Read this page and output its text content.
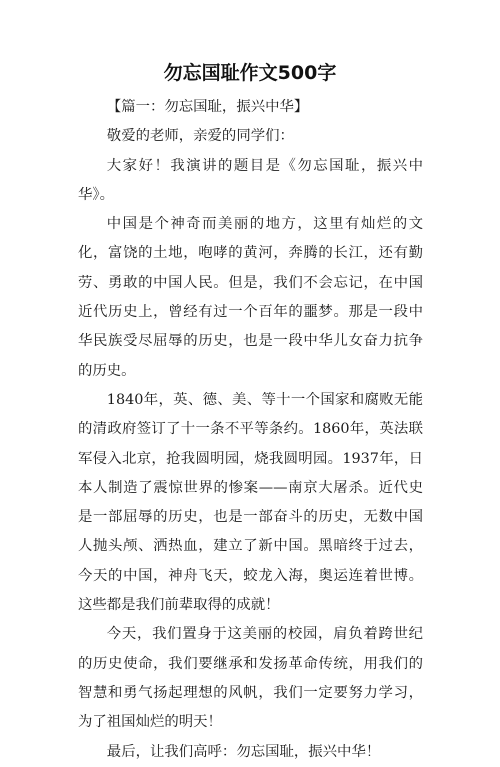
勿忘国耻作文500字

【篇一：勿忘国耻，振兴中华】

敬爱的老师，亲爱的同学们：

大家好！我演讲的题目是《勿忘国耻，振兴中华》。

中国是个神奇而美丽的地方，这里有灿烂的文化，富饶的土地，咆哮的黄河，奔腾的长江，还有勤劳、勇敢的中国人民。但是，我们不会忘记，在中国近代历史上，曾经有过一个百年的噩梦。那是一段中华民族受尽屈辱的历史，也是一段中华儿女奋力抗争的历史。

1840年，英、德、美、等十一个国家和腐败无能的清政府签订了十一条不平等条约。1860年，英法联军侵入北京，抢我圆明园，烧我圆明园。1937年，日本人制造了震惊世界的惨案——南京大屠杀。近代史是一部屈辱的历史，也是一部奋斗的历史，无数中国人抛头颅、洒热血，建立了新中国。黑暗终于过去，今天的中国，神舟飞天，蛟龙入海，奥运连着世博。这些都是我们前辈取得的成就！

今天，我们置身于这美丽的校园，肩负着跨世纪的历史使命，我们要继承和发扬革命传统，用我们的智慧和勇气扬起理想的风帆，我们一定要努力学习，为了祖国灿烂的明天！

最后，让我们高呼：勿忘国耻，振兴中华！
